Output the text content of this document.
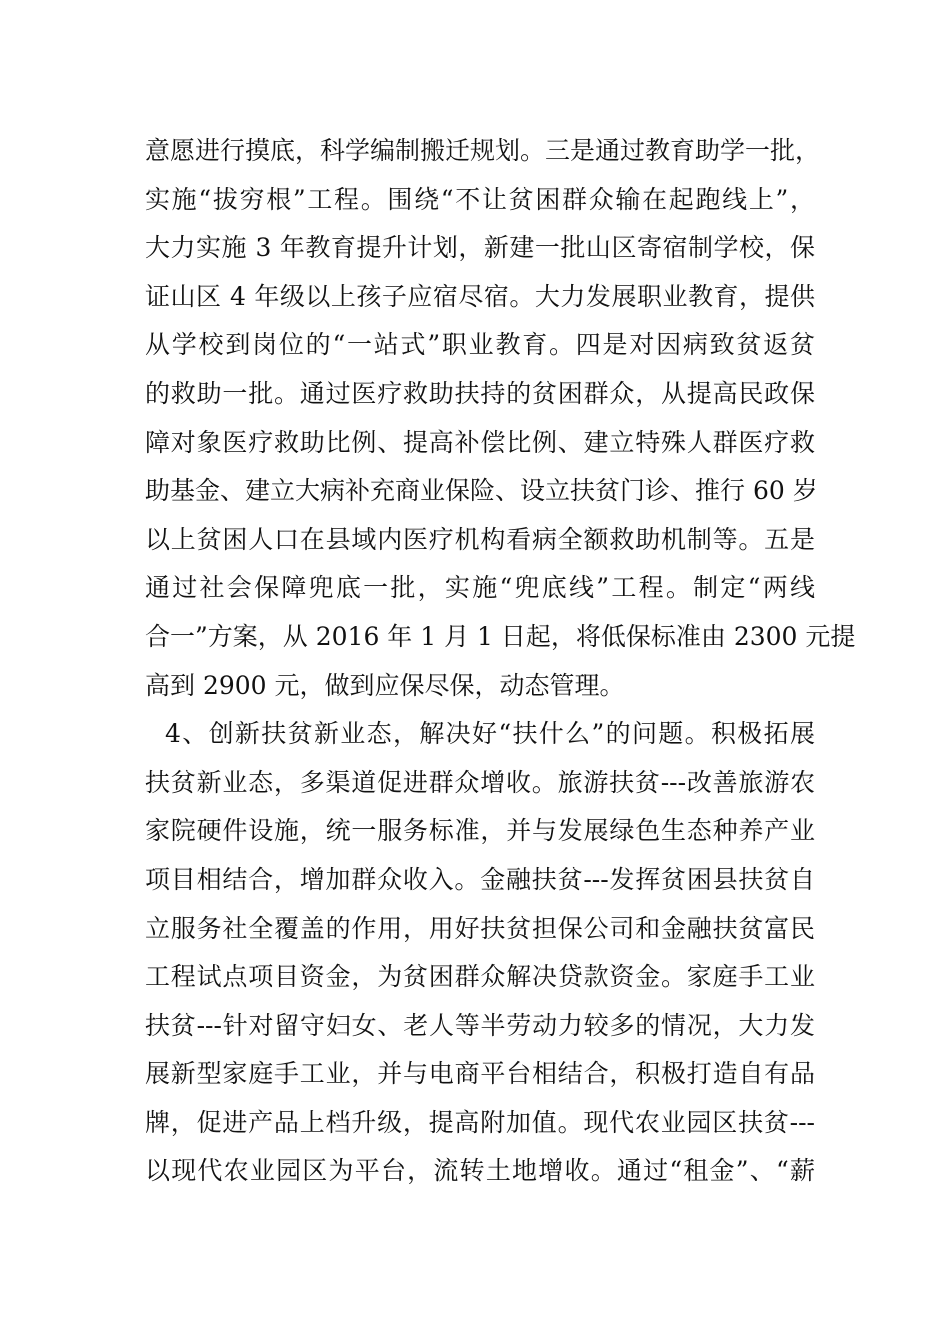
意愿进行摸底，科学编制搬迁规划。三是通过教育助学一批，
实施“拔穷根”工程。围绕“不让贫困群众输在起跑线上”，
大力实施 3 年教育提升计划，新建一批山区寄宿制学校，保
证山区 4 年级以上孩子应宿尽宿。大力发展职业教育，提供
从学校到岗位的“一站式”职业教育。四是对因病致贫返贫
的救助一批。通过医疗救助扶持的贫困群众，从提高民政保
障对象医疗救助比例、提高补偿比例、建立特殊人群医疗救
助基金、建立大病补充商业保险、设立扶贫门诊、推行 60 岁
以上贫困人口在县域内医疗机构看病全额救助机制等。五是
通过社会保障兜底一批，实施“兜底线”工程。制定“两线
合一”方案，从 2016 年 1 月 1 日起，将低保标准由 2300 元提
高到 2900 元，做到应保尽保，动态管理。
4、创新扶贫新业态，解决好“扶什么”的问题。积极拓展
扶贫新业态，多渠道促进群众增收。旅游扶贫---改善旅游农
家院硬件设施，统一服务标准，并与发展绿色生态种养产业
项目相结合，增加群众收入。金融扶贫---发挥贫困县扶贫自
立服务社全覆盖的作用，用好扶贫担保公司和金融扶贫富民
工程试点项目资金，为贫困群众解决贷款资金。家庭手工业
扶贫---针对留守妇女、老人等半劳动力较多的情况，大力发
展新型家庭手工业，并与电商平台相结合，积极打造自有品
牌，促进产品上档升级，提高附加值。现代农业园区扶贫---
以现代农业园区为平台，流转土地增收。通过“租金”、“薪
